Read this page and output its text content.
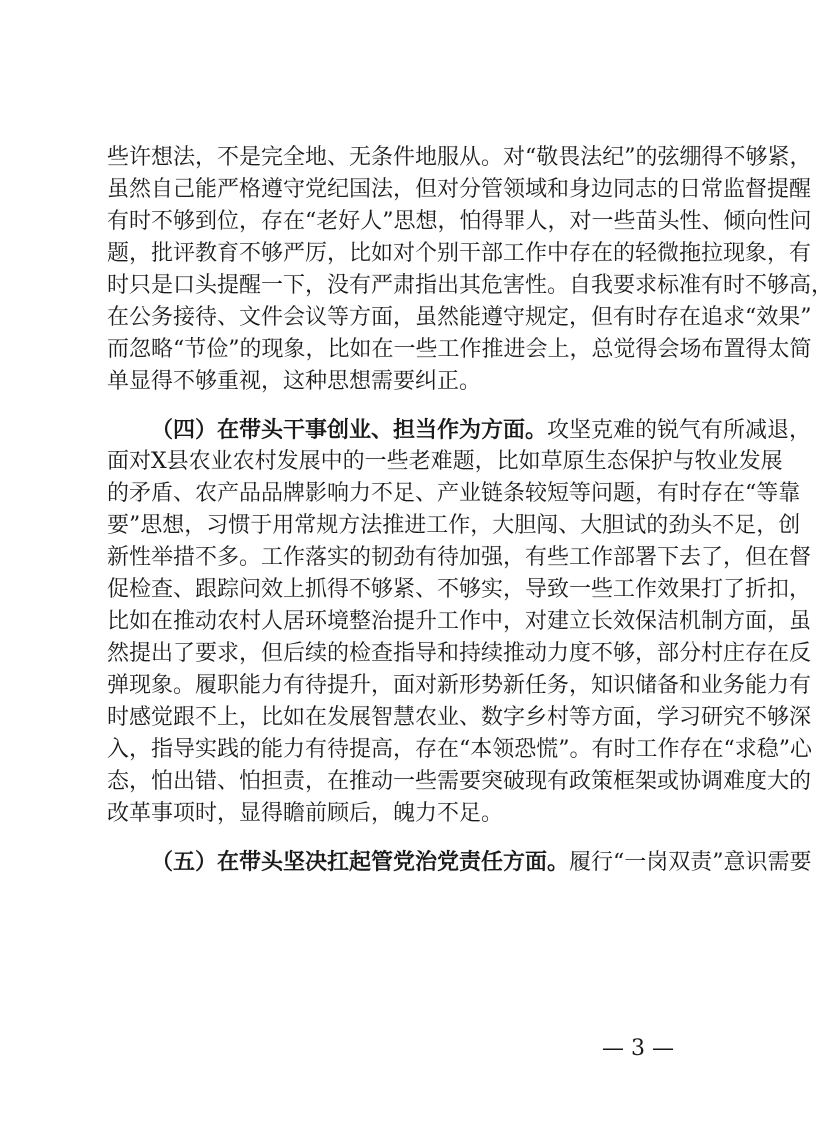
些许想法，不是完全地、无条件地服从。对“敬畏法纪”的弦绷得不够紧，
虽然自己能严格遵守党纪国法，但对分管领域和身边同志的日常监督提醒
有时不够到位，存在“老好人”思想，怕得罪人，对一些苗头性、倾向性问
题，批评教育不够严厉，比如对个别干部工作中存在的轻微拖拉现象，有
时只是口头提醒一下，没有严肃指出其危害性。自我要求标准有时不够高，
在公务接待、文件会议等方面，虽然能遵守规定，但有时存在追求“效果”
而忽略“节俭”的现象，比如在一些工作推进会上，总觉得会场布置得太简
单显得不够重视，这种思想需要纠正。
（四）在带头干事创业、担当作为方面。攻坚克难的锐气有所减退，
面对X县农业农村发展中的一些老难题，比如草原生态保护与牧业发展
的矛盾、农产品品牌影响力不足、产业链条较短等问题，有时存在“等靠
要”思想，习惯于用常规方法推进工作，大胆闯、大胆试的劲头不足，创
新性举措不多。工作落实的韧劲有待加强，有些工作部署下去了，但在督
促检查、跟踪问效上抓得不够紧、不够实，导致一些工作效果打了折扣，
比如在推动农村人居环境整治提升工作中，对建立长效保洁机制方面，虽
然提出了要求，但后续的检查指导和持续推动力度不够，部分村庄存在反
弹现象。履职能力有待提升，面对新形势新任务，知识储备和业务能力有
时感觉跟不上，比如在发展智慧农业、数字乡村等方面，学习研究不够深
入，指导实践的能力有待提高，存在“本领恐慌”。有时工作存在“求稳”心
态，怕出错、怕担责，在推动一些需要突破现有政策框架或协调难度大的
改革事项时，显得瞻前顾后，魄力不足。
（五）在带头坚决扛起管党治党责任方面。履行“一岗双责”意识需要
— 3 —
